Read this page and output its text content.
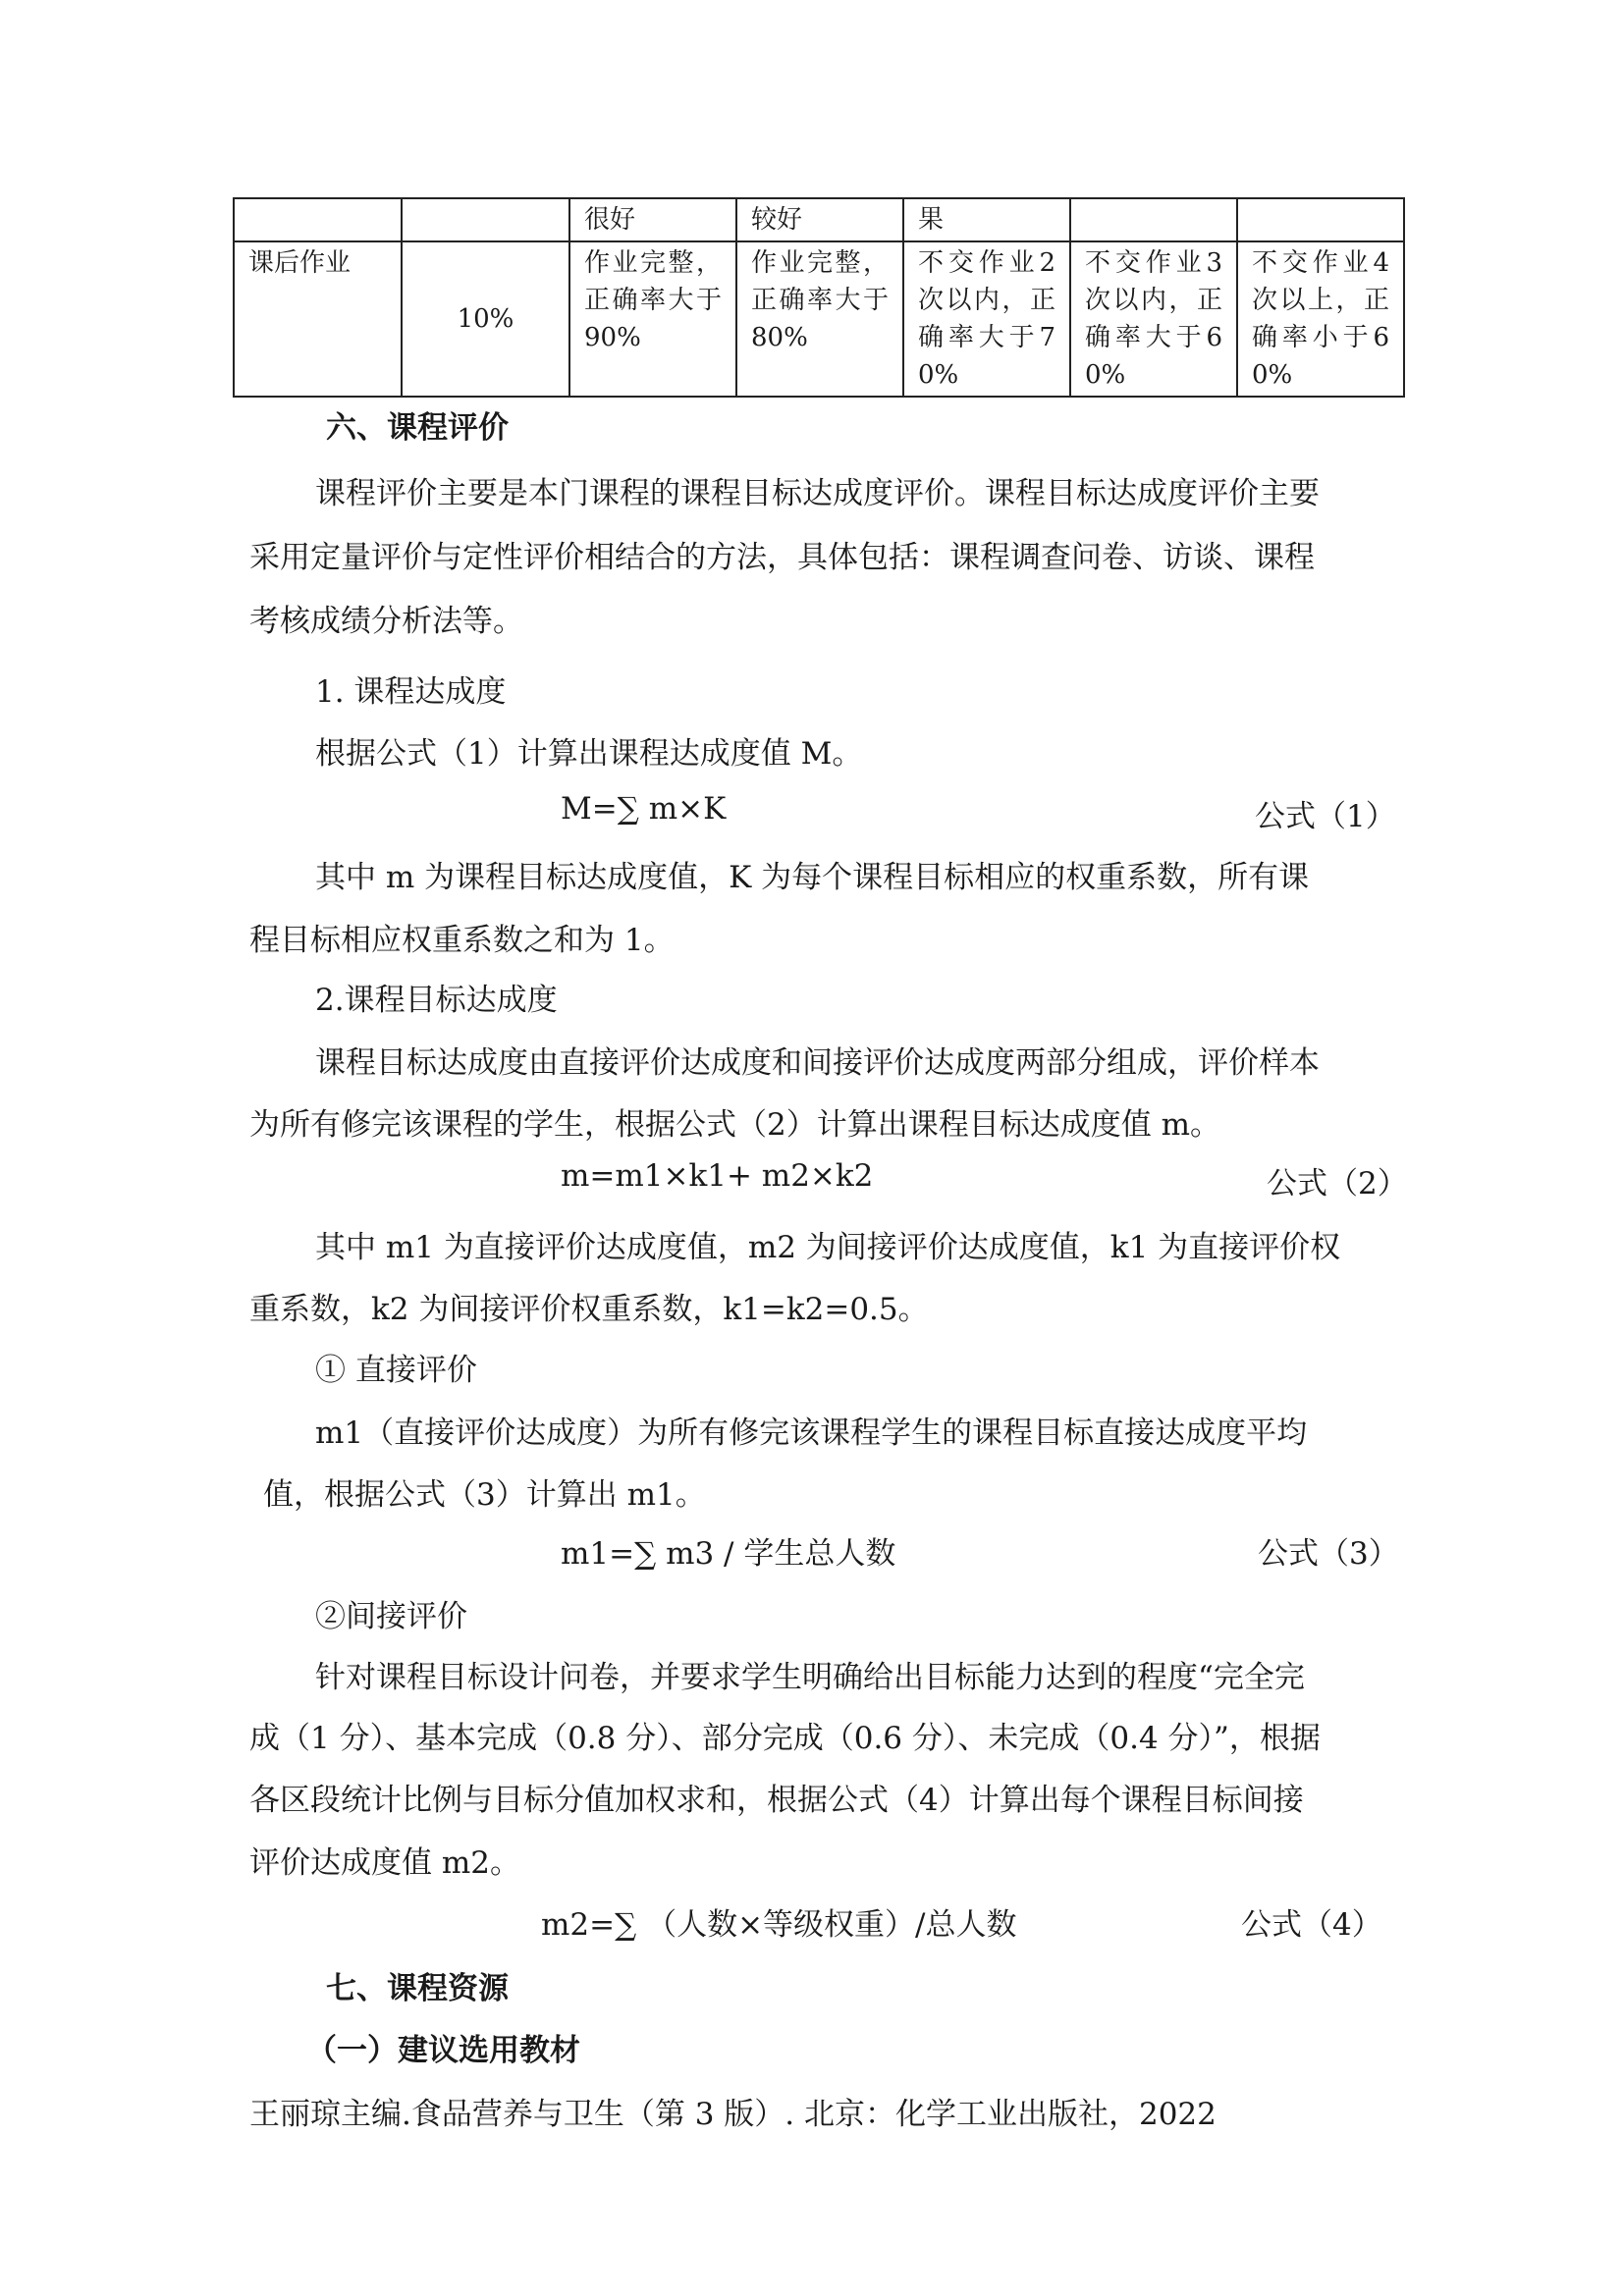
		很好	较好	果		
课后作业	10%	作业完整，正确率大于90%	作业完整，正确率大于80%	不交作业2次以内，正确率大于70%	不交作业3次以内，正确率大于60%	不交作业4次以上，正确率小于60%
六、课程评价
课程评价主要是本门课程的课程目标达成度评价。课程目标达成度评价主要
采用定量评价与定性评价相结合的方法，具体包括：课程调查问卷、访谈、课程
考核成绩分析法等。
1. 课程达成度
根据公式（1）计算出课程达成度值 M。
M=∑ m×K	公式（1）
其中 m 为课程目标达成度值，K 为每个课程目标相应的权重系数，所有课
程目标相应权重系数之和为 1。
2.课程目标达成度
课程目标达成度由直接评价达成度和间接评价达成度两部分组成，评价样本
为所有修完该课程的学生，根据公式（2）计算出课程目标达成度值 m。
m=m1×k1+ m2×k2	公式（2）
其中 m1 为直接评价达成度值，m2 为间接评价达成度值，k1 为直接评价权
重系数，k2 为间接评价权重系数，k1=k2=0.5。
① 直接评价
m1（直接评价达成度）为所有修完该课程学生的课程目标直接达成度平均
值，根据公式（3）计算出 m1。
m1=∑ m3 / 学生总人数	公式（3）
②间接评价
针对课程目标设计问卷，并要求学生明确给出目标能力达到的程度“完全完
成（1 分）、基本完成（0.8 分）、部分完成（0.6 分）、未完成（0.4 分）”，根据
各区段统计比例与目标分值加权求和，根据公式（4）计算出每个课程目标间接
评价达成度值 m2。
m2=∑ （人数×等级权重）/总人数	公式（4）
七、课程资源
（一）建议选用教材
王丽琼主编.食品营养与卫生（第 3 版）. 北京：化学工业出版社，2022
